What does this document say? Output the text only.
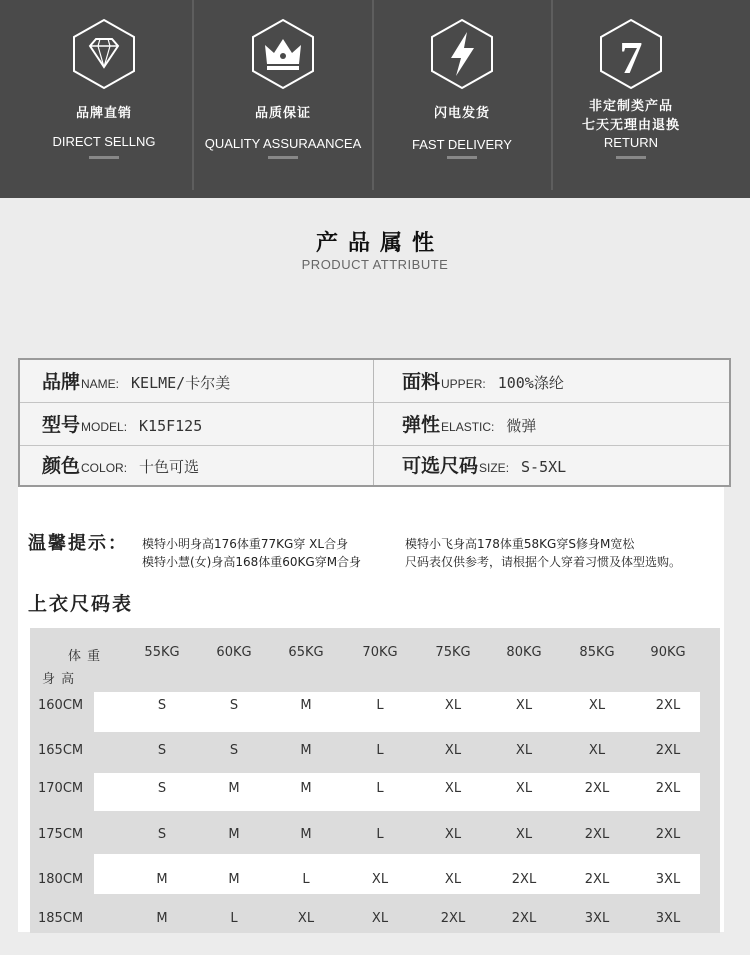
品牌直销
DIRECT SELLNG
品质保证
QUALITY ASSURAANCEA
闪电发货
FAST DELIVERY
7
非定制类产品
七天无理由退换
RETURN
产品属性
PRODUCT ATTRIBUTE
品牌NAME: KELME/卡尔美	面料UPPER: 100%涤纶
型号MODEL: K15F125	弹性ELASTIC: 微弹
颜色COLOR: 十色可选	可选尺码SIZE: S-5XL
温馨提示： 模特小明身高176体重77KG穿 XL合身	模特小飞身高178体重58KG穿S修身M宽松
模特小慧(女)身高168体重60KG穿M合身	尺码表仅供参考，请根据个人穿着习惯及体型选购。
上衣尺码表
体 重
身 高
55KG	60KG	65KG	70KG	75KG	80KG	85KG	90KG
160CM	S	S	M	L	XL	XL	XL	2XL
165CM	S	S	M	L	XL	XL	XL	2XL
170CM	S	M	M	L	XL	XL	2XL	2XL
175CM	S	M	M	L	XL	XL	2XL	2XL
180CM	M	M	L	XL	XL	2XL	2XL	3XL
185CM	M	L	XL	XL	2XL	2XL	3XL	3XL
